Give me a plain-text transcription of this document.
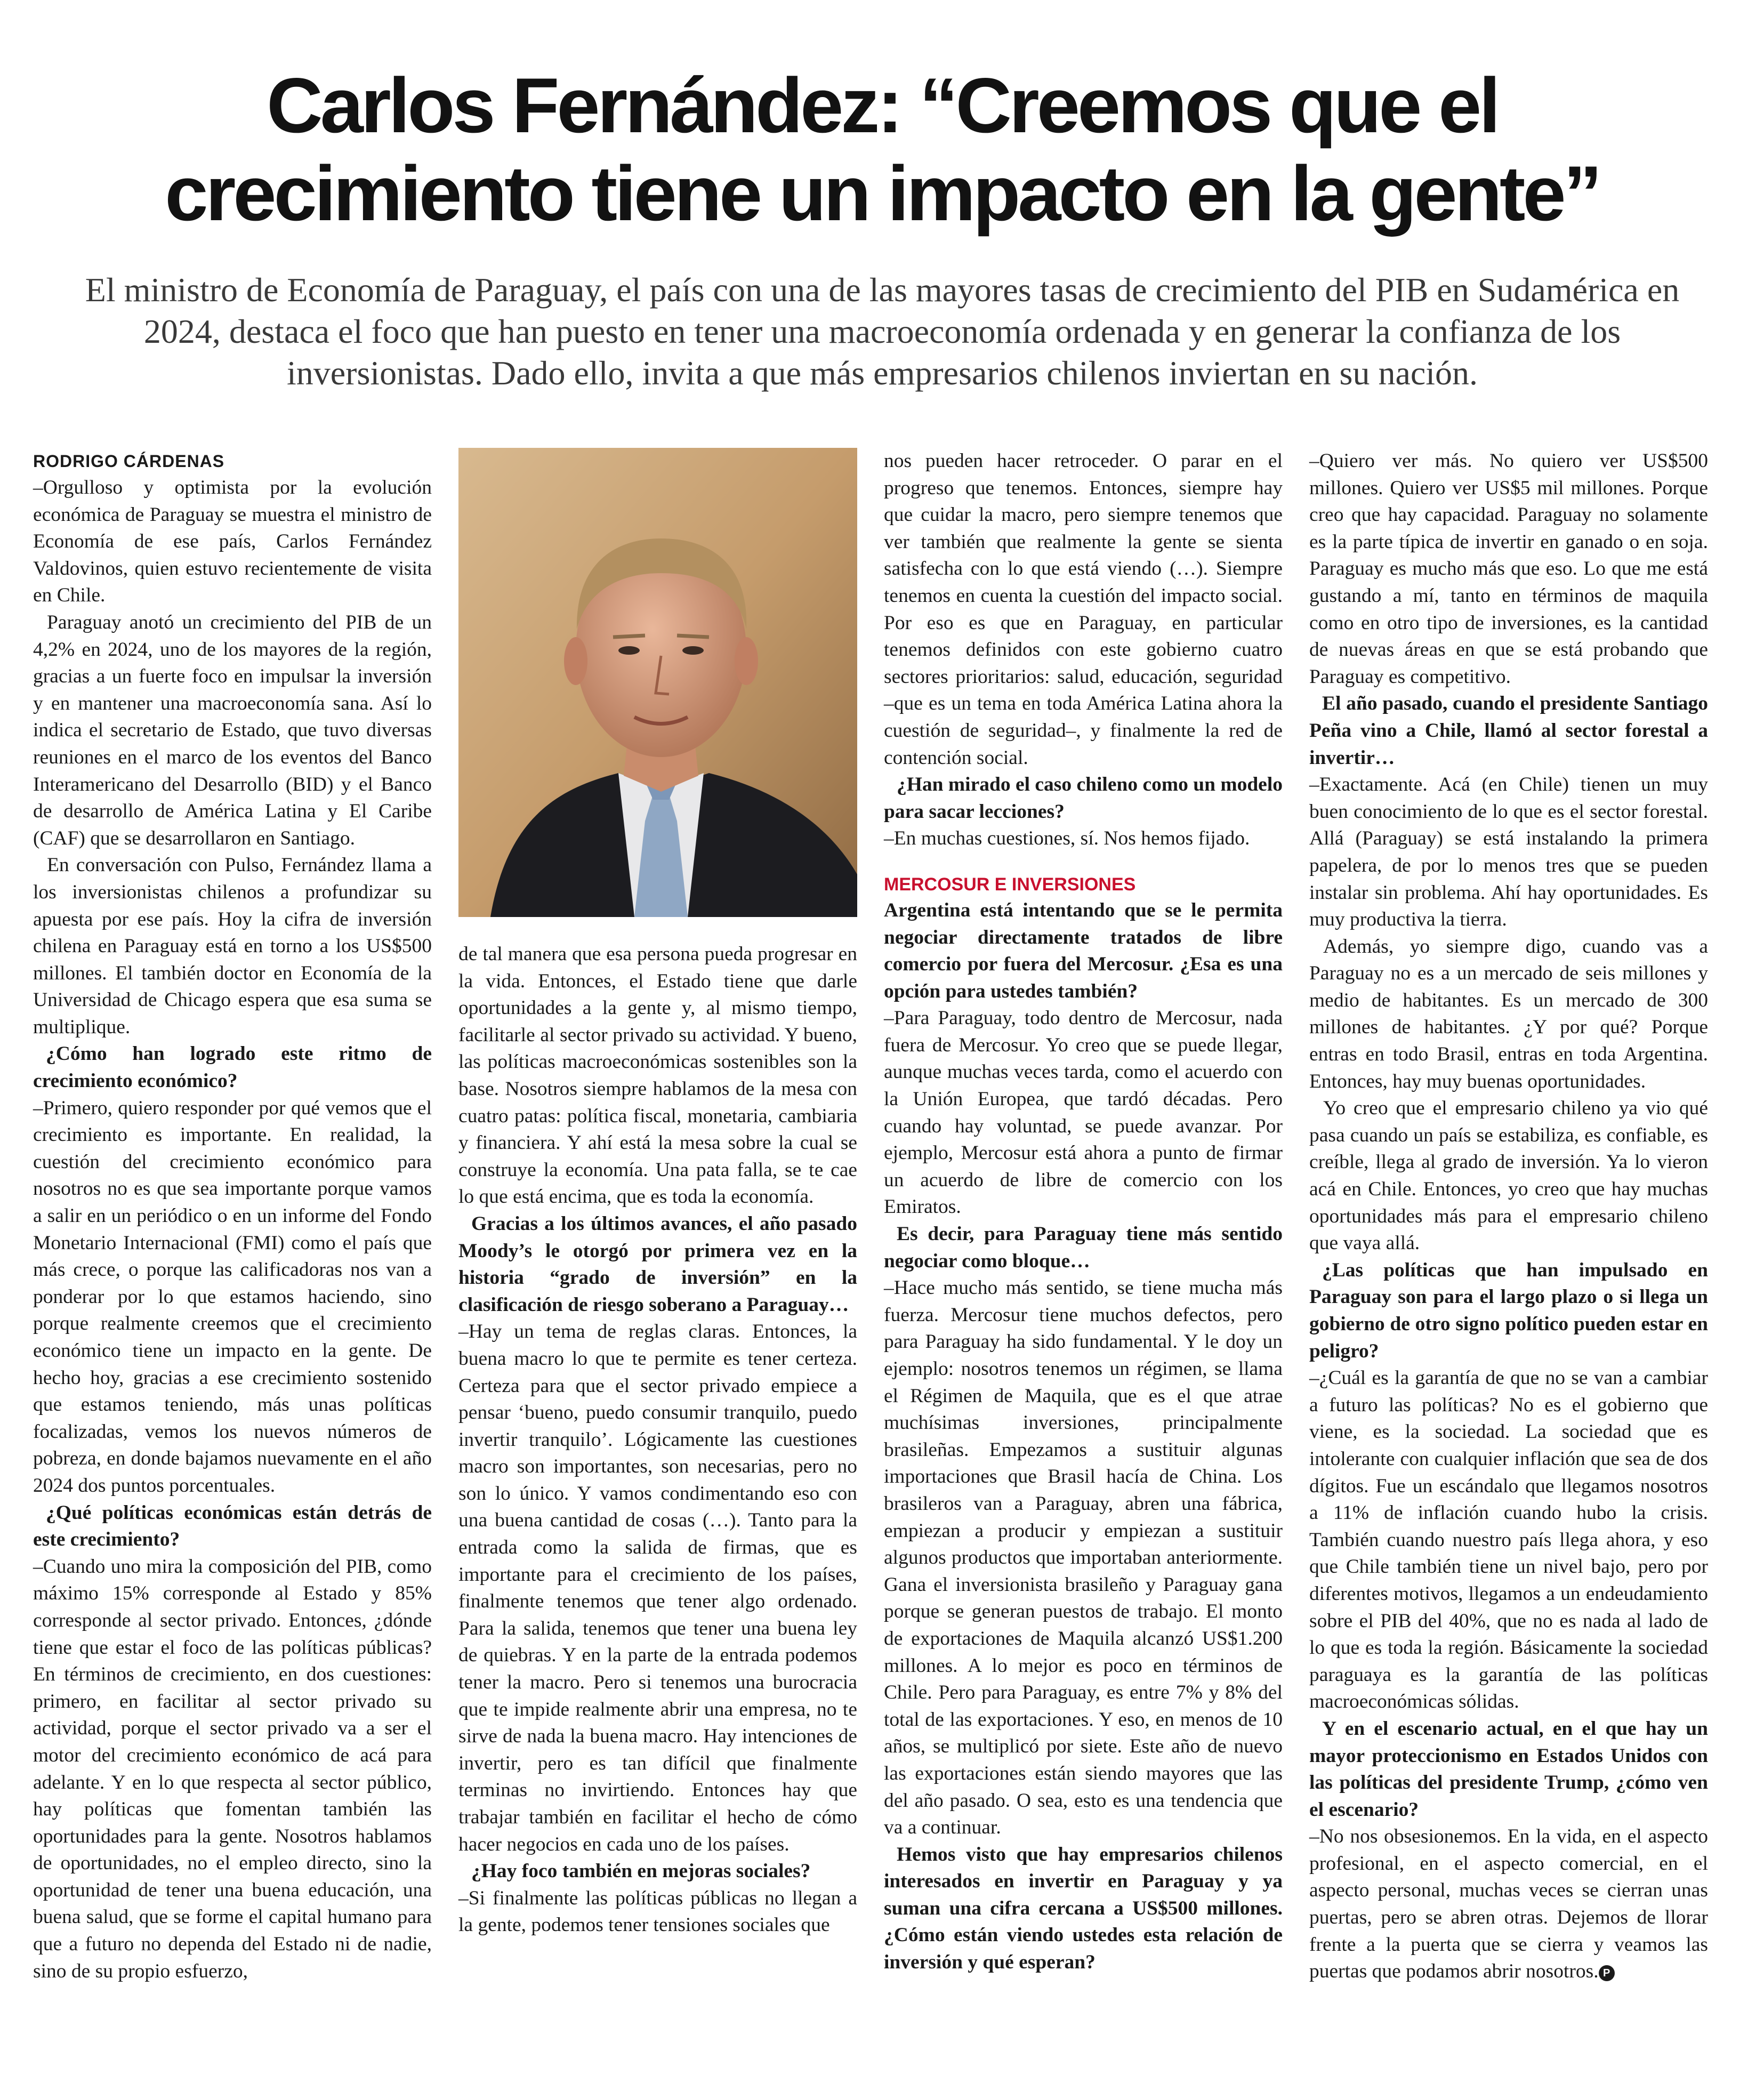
Carlos Fernández: “Creemos que el
crecimiento tiene un impacto en la gente”

El ministro de Economía de Paraguay, el país con una de las mayores tasas de crecimiento del PIB en Sudamérica en 2024, destaca el foco que han puesto en tener una macroeconomía ordenada y en generar la confianza de los inversionistas. Dado ello, invita a que más empresarios chilenos inviertan en su nación.

RODRIGO CÁRDENAS

–Orgulloso y optimista por la evolución económica de Paraguay se muestra el ministro de Economía de ese país, Carlos Fernández Valdovinos, quien estuvo recientemente de visita en Chile.

Paraguay anotó un crecimiento del PIB de un 4,2% en 2024, uno de los mayores de la región, gracias a un fuerte foco en impulsar la inversión y en mantener una macroeconomía sana. Así lo indica el secretario de Estado, que tuvo diversas reuniones en el marco de los eventos del Banco Interamericano del Desarrollo (BID) y el Banco de desarrollo de América Latina y El Caribe (CAF) que se desarrollaron en Santiago.

En conversación con Pulso, Fernández llama a los inversionistas chilenos a profundizar su apuesta por ese país. Hoy la cifra de inversión chilena en Paraguay está en torno a los US$500 millones. El también doctor en Economía de la Universidad de Chicago espera que esa suma se multiplique.

¿Cómo han logrado este ritmo de crecimiento económico?

–Primero, quiero responder por qué vemos que el crecimiento es importante. En realidad, la cuestión del crecimiento económico para nosotros no es que sea importante porque vamos a salir en un periódico o en un informe del Fondo Monetario Internacional (FMI) como el país que más crece, o porque las calificadoras nos van a ponderar por lo que estamos haciendo, sino porque realmente creemos que el crecimiento económico tiene un impacto en la gente. De hecho hoy, gracias a ese crecimiento sostenido que estamos teniendo, más unas políticas focalizadas, vemos los nuevos números de pobreza, en donde bajamos nuevamente en el año 2024 dos puntos porcentuales.

¿Qué políticas económicas están detrás de este crecimiento?

–Cuando uno mira la composición del PIB, como máximo 15% corresponde al Estado y 85% corresponde al sector privado. Entonces, ¿dónde tiene que estar el foco de las políticas públicas? En términos de crecimiento, en dos cuestiones: primero, en facilitar al sector privado su actividad, porque el sector privado va a ser el motor del crecimiento económico de acá para adelante. Y en lo que respecta al sector público, hay políticas que fomentan también las oportunidades para la gente. Nosotros hablamos de oportunidades, no el empleo directo, sino la oportunidad de tener una buena educación, una buena salud, que se forme el capital humano para que a futuro no dependa del Estado ni de nadie, sino de su propio esfuerzo,

de tal manera que esa persona pueda progresar en la vida. Entonces, el Estado tiene que darle oportunidades a la gente y, al mismo tiempo, facilitarle al sector privado su actividad. Y bueno, las políticas macroeconómicas sostenibles son la base. Nosotros siempre hablamos de la mesa con cuatro patas: política fiscal, monetaria, cambiaria y financiera. Y ahí está la mesa sobre la cual se construye la economía. Una pata falla, se te cae lo que está encima, que es toda la economía.

Gracias a los últimos avances, el año pasado Moody’s le otorgó por primera vez en la historia “grado de inversión” en la clasificación de riesgo soberano a Paraguay…

–Hay un tema de reglas claras. Entonces, la buena macro lo que te permite es tener certeza. Certeza para que el sector privado empiece a pensar ‘bueno, puedo consumir tranquilo, puedo invertir tranquilo’. Lógicamente las cuestiones macro son importantes, son necesarias, pero no son lo único. Y vamos condimentando eso con una buena cantidad de cosas (…). Tanto para la entrada como la salida de firmas, que es importante para el crecimiento de los países, finalmente tenemos que tener algo ordenado. Para la salida, tenemos que tener una buena ley de quiebras. Y en la parte de la entrada podemos tener la macro. Pero si tenemos una burocracia que te impide realmente abrir una empresa, no te sirve de nada la buena macro. Hay intenciones de invertir, pero es tan difícil que finalmente terminas no invirtiendo. Entonces hay que trabajar también en facilitar el hecho de cómo hacer negocios en cada uno de los países.

¿Hay foco también en mejoras sociales?

–Si finalmente las políticas públicas no llegan a la gente, podemos tener tensiones sociales que

nos pueden hacer retroceder. O parar en el progreso que tenemos. Entonces, siempre hay que cuidar la macro, pero siempre tenemos que ver también que realmente la gente se sienta satisfecha con lo que está viendo (…). Siempre tenemos en cuenta la cuestión del impacto social. Por eso es que en Paraguay, en particular tenemos definidos con este gobierno cuatro sectores prioritarios: salud, educación, seguridad –que es un tema en toda América Latina ahora la cuestión de seguridad–, y finalmente la red de contención social.

¿Han mirado el caso chileno como un modelo para sacar lecciones?

–En muchas cuestiones, sí. Nos hemos fijado.

MERCOSUR E INVERSIONES

Argentina está intentando que se le permita negociar directamente tratados de libre comercio por fuera del Mercosur. ¿Esa es una opción para ustedes también?

–Para Paraguay, todo dentro de Mercosur, nada fuera de Mercosur. Yo creo que se puede llegar, aunque muchas veces tarda, como el acuerdo con la Unión Europea, que tardó décadas. Pero cuando hay voluntad, se puede avanzar. Por ejemplo, Mercosur está ahora a punto de firmar un acuerdo de libre de comercio con los Emiratos.

Es decir, para Paraguay tiene más sentido negociar como bloque…

–Hace mucho más sentido, se tiene mucha más fuerza. Mercosur tiene muchos defectos, pero para Paraguay ha sido fundamental. Y le doy un ejemplo: nosotros tenemos un régimen, se llama el Régimen de Maquila, que es el que atrae muchísimas inversiones, principalmente brasileñas. Empezamos a sustituir algunas importaciones que Brasil hacía de China. Los brasileros van a Paraguay, abren una fábrica, empiezan a producir y empiezan a sustituir algunos productos que importaban anteriormente. Gana el inversionista brasileño y Paraguay gana porque se generan puestos de trabajo. El monto de exportaciones de Maquila alcanzó US$1.200 millones. A lo mejor es poco en términos de Chile. Pero para Paraguay, es entre 7% y 8% del total de las exportaciones. Y eso, en menos de 10 años, se multiplicó por siete. Este año de nuevo las exportaciones están siendo mayores que las del año pasado. O sea, esto es una tendencia que va a continuar.

Hemos visto que hay empresarios chilenos interesados en invertir en Paraguay y ya suman una cifra cercana a US$500 millones. ¿Cómo están viendo ustedes esta relación de inversión y qué esperan?

–Quiero ver más. No quiero ver US$500 millones. Quiero ver US$5 mil millones. Porque creo que hay capacidad. Paraguay no solamente es la parte típica de invertir en ganado o en soja. Paraguay es mucho más que eso. Lo que me está gustando a mí, tanto en términos de maquila como en otro tipo de inversiones, es la cantidad de nuevas áreas en que se está probando que Paraguay es competitivo.

El año pasado, cuando el presidente Santiago Peña vino a Chile, llamó al sector forestal a invertir…

–Exactamente. Acá (en Chile) tienen un muy buen conocimiento de lo que es el sector forestal. Allá (Paraguay) se está instalando la primera papelera, de por lo menos tres que se pueden instalar sin problema. Ahí hay oportunidades. Es muy productiva la tierra.

Además, yo siempre digo, cuando vas a Paraguay no es a un mercado de seis millones y medio de habitantes. Es un mercado de 300 millones de habitantes. ¿Y por qué? Porque entras en todo Brasil, entras en toda Argentina. Entonces, hay muy buenas oportunidades.

Yo creo que el empresario chileno ya vio qué pasa cuando un país se estabiliza, es confiable, es creíble, llega al grado de inversión. Ya lo vieron acá en Chile. Entonces, yo creo que hay muchas oportunidades más para el empresario chileno que vaya allá.

¿Las políticas que han impulsado en Paraguay son para el largo plazo o si llega un gobierno de otro signo político pueden estar en peligro?

–¿Cuál es la garantía de que no se van a cambiar a futuro las políticas? No es el gobierno que viene, es la sociedad. La sociedad que es intolerante con cualquier inflación que sea de dos dígitos. Fue un escándalo que llegamos nosotros a 11% de inflación cuando hubo la crisis. También cuando nuestro país llega ahora, y eso que Chile también tiene un nivel bajo, pero por diferentes motivos, llegamos a un endeudamiento sobre el PIB del 40%, que no es nada al lado de lo que es toda la región. Básicamente la sociedad paraguaya es la garantía de las políticas macroeconómicas sólidas.

Y en el escenario actual, en el que hay un mayor proteccionismo en Estados Unidos con las políticas del presidente Trump, ¿cómo ven el escenario?

–No nos obsesionemos. En la vida, en el aspecto profesional, en el aspecto comercial, en el aspecto personal, muchas veces se cierran unas puertas, pero se abren otras. Dejemos de llorar frente a la puerta que se cierra y veamos las puertas que podamos abrir nosotros. P
